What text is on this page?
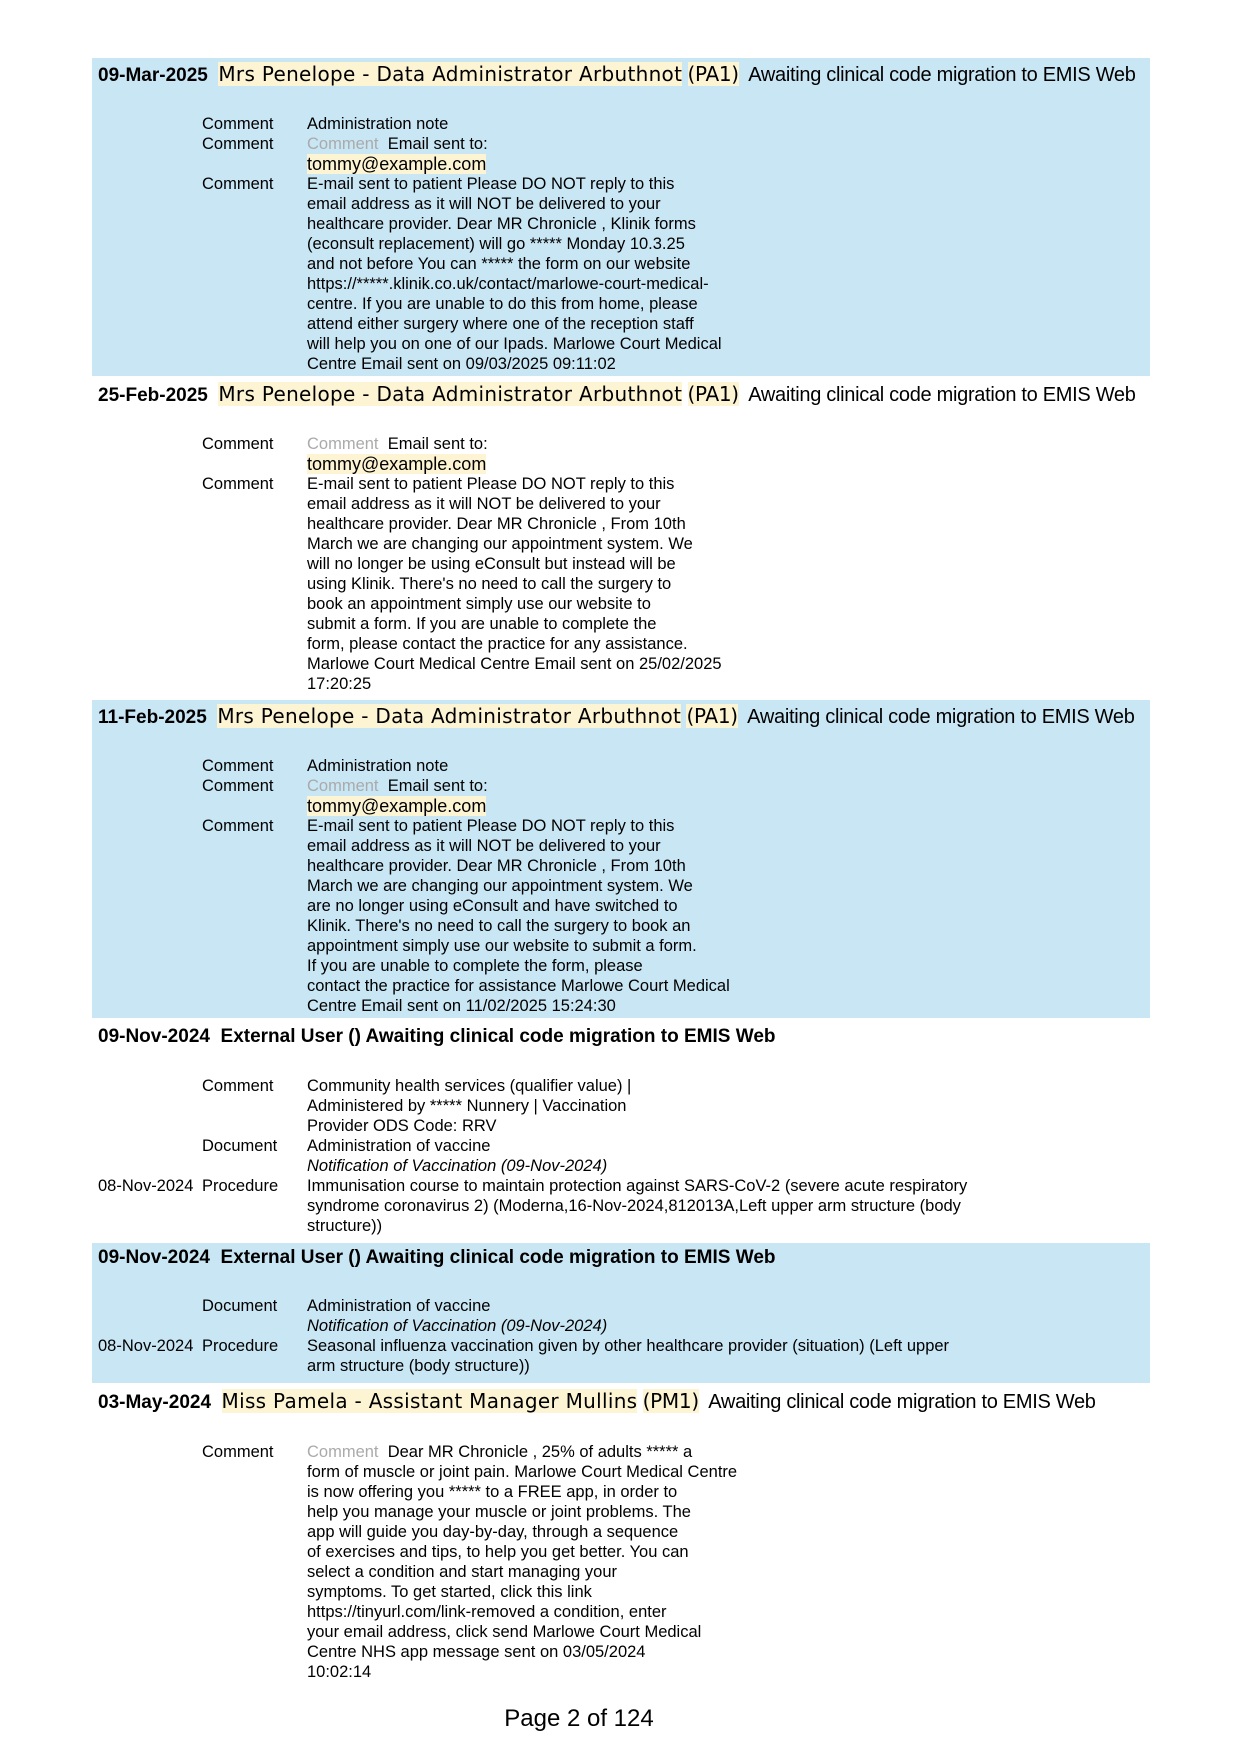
09-Mar-2025 Mrs Penelope - Data Administrator Arbuthnot (PA1) Awaiting clinical code migration to EMIS Web
Comment	Administration note
Comment	Comment Email sent to:
tommy@example.com
Comment	E-mail sent to patient Please DO NOT reply to this
email address as it will NOT be delivered to your
healthcare provider. Dear MR Chronicle , Klinik forms
(econsult replacement) will go ***** Monday 10.3.25
and not before You can ***** the form on our website
https://*****.klinik.co.uk/contact/marlowe-court-medical-
centre. If you are unable to do this from home, please
attend either surgery where one of the reception staff
will help you on one of our Ipads. Marlowe Court Medical
Centre Email sent on 09/03/2025 09:11:02
25-Feb-2025 Mrs Penelope - Data Administrator Arbuthnot (PA1) Awaiting clinical code migration to EMIS Web
Comment	Comment Email sent to:
tommy@example.com
Comment	E-mail sent to patient Please DO NOT reply to this
email address as it will NOT be delivered to your
healthcare provider. Dear MR Chronicle , From 10th
March we are changing our appointment system. We
will no longer be using eConsult but instead will be
using Klinik. There's no need to call the surgery to
book an appointment simply use our website to
submit a form. If you are unable to complete the
form, please contact the practice for any assistance.
Marlowe Court Medical Centre Email sent on 25/02/2025
17:20:25
11-Feb-2025 Mrs Penelope - Data Administrator Arbuthnot (PA1) Awaiting clinical code migration to EMIS Web
Comment	Administration note
Comment	Comment Email sent to:
tommy@example.com
Comment	E-mail sent to patient Please DO NOT reply to this
email address as it will NOT be delivered to your
healthcare provider. Dear MR Chronicle , From 10th
March we are changing our appointment system. We
are no longer using eConsult and have switched to
Klinik. There's no need to call the surgery to book an
appointment simply use our website to submit a form.
If you are unable to complete the form, please
contact the practice for assistance Marlowe Court Medical
Centre Email sent on 11/02/2025 15:24:30
09-Nov-2024 External User () Awaiting clinical code migration to EMIS Web
Comment	Community health services (qualifier value) |
Administered by ***** Nunnery | Vaccination
Provider ODS Code: RRV
Document	Administration of vaccine
Notification of Vaccination (09-Nov-2024)
08-Nov-2024 Procedure	Immunisation course to maintain protection against SARS-CoV-2 (severe acute respiratory
syndrome coronavirus 2) (Moderna,16-Nov-2024,812013A,Left upper arm structure (body
structure))
09-Nov-2024 External User () Awaiting clinical code migration to EMIS Web
Document	Administration of vaccine
Notification of Vaccination (09-Nov-2024)
08-Nov-2024 Procedure	Seasonal influenza vaccination given by other healthcare provider (situation) (Left upper
arm structure (body structure))
03-May-2024 Miss Pamela - Assistant Manager Mullins (PM1) Awaiting clinical code migration to EMIS Web
Comment	Comment Dear MR Chronicle , 25% of adults ***** a
form of muscle or joint pain. Marlowe Court Medical Centre
is now offering you ***** to a FREE app, in order to
help you manage your muscle or joint problems. The
app will guide you day-by-day, through a sequence
of exercises and tips, to help you get better. You can
select a condition and start managing your
symptoms. To get started, click this link
https://tinyurl.com/link-removed a condition, enter
your email address, click send Marlowe Court Medical
Centre NHS app message sent on 03/05/2024
10:02:14
Page 2 of 124
